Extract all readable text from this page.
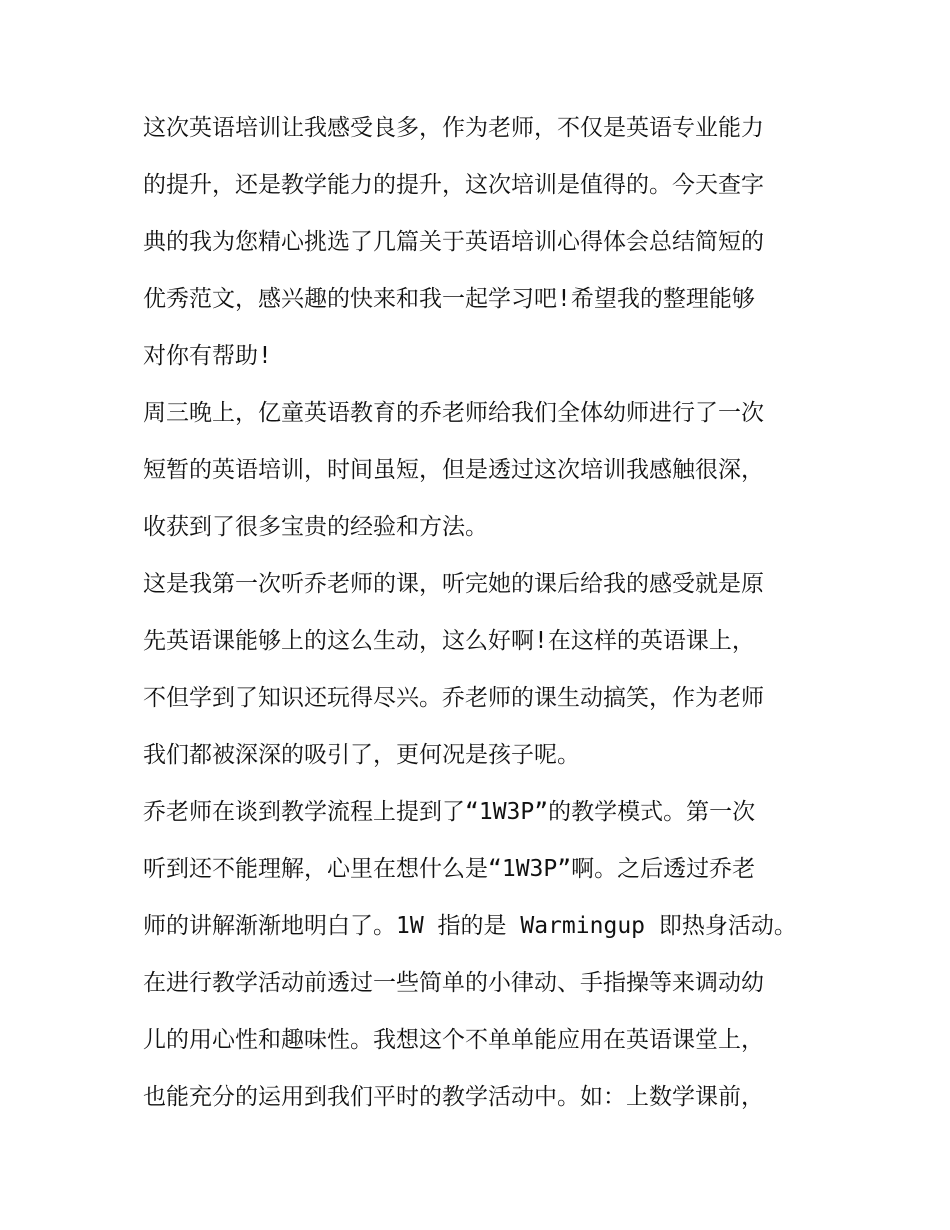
这次英语培训让我感受良多，作为老师，不仅是英语专业能力
的提升，还是教学能力的提升，这次培训是值得的。今天查字
典的我为您精心挑选了几篇关于英语培训心得体会总结简短的
优秀范文，感兴趣的快来和我一起学习吧!希望我的整理能够
对你有帮助!
周三晚上，亿童英语教育的乔老师给我们全体幼师进行了一次
短暂的英语培训，时间虽短，但是透过这次培训我感触很深，
收获到了很多宝贵的经验和方法。
这是我第一次听乔老师的课，听完她的课后给我的感受就是原
先英语课能够上的这么生动，这么好啊!在这样的英语课上，
不但学到了知识还玩得尽兴。乔老师的课生动搞笑，作为老师
我们都被深深的吸引了，更何况是孩子呢。
乔老师在谈到教学流程上提到了“1W3P”的教学模式。第一次
听到还不能理解，心里在想什么是“1W3P”啊。之后透过乔老
师的讲解渐渐地明白了。1W 指的是 Warmingup 即热身活动。
在进行教学活动前透过一些简单的小律动、手指操等来调动幼
儿的用心性和趣味性。我想这个不单单能应用在英语课堂上，
也能充分的运用到我们平时的教学活动中。如：上数学课前，
